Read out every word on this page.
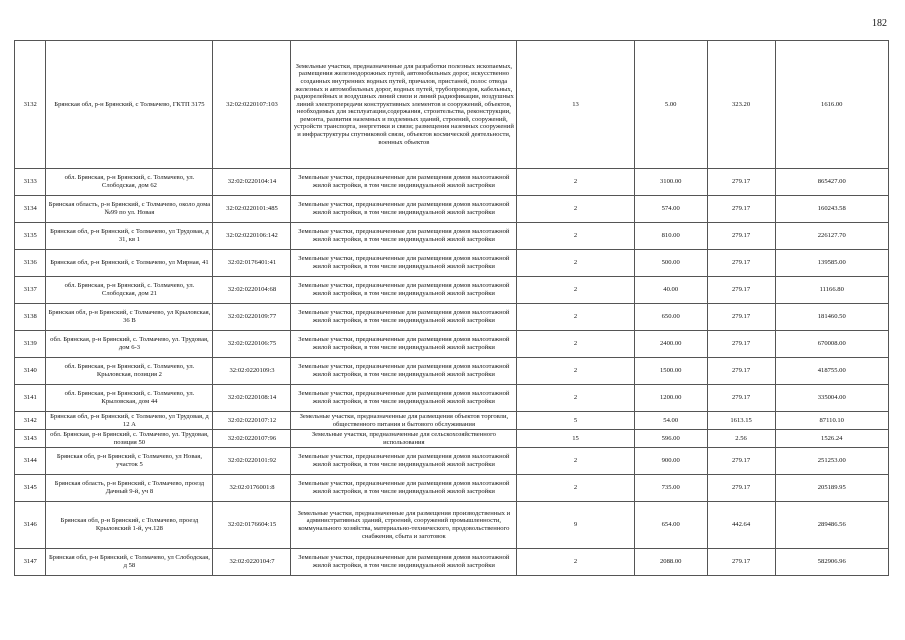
182
3132	Брянская обл, р-н Брянский, с Толмачево, ГКТП 3175	32:02:0220107:103	Земельные участки, предназначенные для разработки полезных ископаемых, размещения железнодорожных путей, автомобильных дорог, искусственно созданных внутренних водных путей, причалов, пристаней, полос отвода железных и автомобильных дорог, водных путей, трубопроводов, кабельных, радиорелейных и воздушных линий связи и линий радиофикации, воздушных линий электропередачи конструктивных элементов и сооружений, объектов, необходимых для эксплуатации,содержания, строительства, реконструкции, ремонта, развития наземных и подземных зданий, строений, сооружений, устройств транспорта, энергетики и связи; размещения наземных сооружений и инфраструктуры спутниковой связи, объектов космической деятельности, военных объектов	13	5.00	323.20	1616.00
3133	обл. Брянская, р-н Брянский, с. Толмачево, ул. Слободская, дом 62	32:02:0220104:14	Земельные участки, предназначенные для размещения домов малоэтажной жилой застройки, в том числе индивидуальной жилой застройки	2	3100.00	279.17	865427.00
3134	Брянская область, р-н Брянский, с Толмачево, около дома №99 по ул. Новая	32:02:0220101:485	Земельные участки, предназначенные для размещения домов малоэтажной жилой застройки, в том числе индивидуальной жилой застройки	2	574.00	279.17	160243.58
3135	Брянская обл, р-н Брянский, с Толмачево, ул Трудовая, д 31, кв 1	32:02:0220106:142	Земельные участки, предназначенные для размещения домов малоэтажной жилой застройки, в том числе индивидуальной жилой застройки	2	810.00	279.17	226127.70
3136	Брянская обл, р-н Брянский, с Толмачево, ул Мирная, 41	32:02:0176401:41	Земельные участки, предназначенные для размещения домов малоэтажной жилой застройки, в том числе индивидуальной жилой застройки	2	500.00	279.17	139585.00
3137	обл. Брянская, р-н Брянский, с. Толмачево, ул. Слободская, дом 21	32:02:0220104:68	Земельные участки, предназначенные для размещения домов малоэтажной жилой застройки, в том числе индивидуальной жилой застройки	2	40.00	279.17	11166.80
3138	Брянская обл, р-н Брянский, с Толмачево, ул Крыловская, 36 В	32:02:0220109:77	Земельные участки, предназначенные для размещения домов малоэтажной жилой застройки, в том числе индивидуальной жилой застройки	2	650.00	279.17	181460.50
3139	обл. Брянская, р-н Брянский, с. Толмачево, ул. Трудовая, дом 6-3	32:02:0220106:75	Земельные участки, предназначенные для размещения домов малоэтажной жилой застройки, в том числе индивидуальной жилой застройки	2	2400.00	279.17	670008.00
3140	обл. Брянская, р-н Брянский, с. Толмачево, ул. Крыловская, позиция 2	32:02:0220109:3	Земельные участки, предназначенные для размещения домов малоэтажной жилой застройки, в том числе индивидуальной жилой застройки	2	1500.00	279.17	418755.00
3141	обл. Брянская, р-н Брянский, с. Толмачево, ул. Крыловская, дом 44	32:02:0220108:14	Земельные участки, предназначенные для размещения домов малоэтажной жилой застройки, в том числе индивидуальной жилой застройки	2	1200.00	279.17	335004.00
3142	Брянская обл, р-н Брянский, с Толмачево, ул Трудовая, д 12 А	32:02:0220107:12	Земельные участки, предназначенные для размещения объектов торговли, общественного питания и бытового обслуживания	5	54.00	1613.15	87110.10
3143	обл. Брянская, р-н Брянский, с. Толмачево, ул. Трудовая, позиция 50	32:02:0220107:96	Земельные участки, предназначенные для сельскохозяйственного использования	15	596.00	2.56	1526.24
3144	Брянская обл, р-н Брянский, с Толмачево, ул Новая, участок 5	32:02:0220101:92	Земельные участки, предназначенные для размещения домов малоэтажной жилой застройки, в том числе индивидуальной жилой застройки	2	900.00	279.17	251253.00
3145	Брянская область, р-н Брянский, с Толмачево, проезд Дачный 9-й, уч 8	32:02:0176001:8	Земельные участки, предназначенные для размещения домов малоэтажной жилой застройки, в том числе индивидуальной жилой застройки	2	735.00	279.17	205189.95
3146	Брянская обл, р-н Брянский, с Толмачево, проезд Крыловский 1-й, уч.128	32:02:0176604:15	Земельные участки, предназначенные для размещения производственных и административных зданий, строений, сооружений промышленности, коммунального хозяйства, материально-технического, продовольственного снабжения, сбыта и заготовок	9	654.00	442.64	289486.56
3147	Брянская обл, р-н Брянский, с Толмачево, ул Слободская, д 58	32:02:0220104:7	Земельные участки, предназначенные для размещения домов малоэтажной жилой застройки, в том числе индивидуальной жилой застройки	2	2088.00	279.17	582906.96
